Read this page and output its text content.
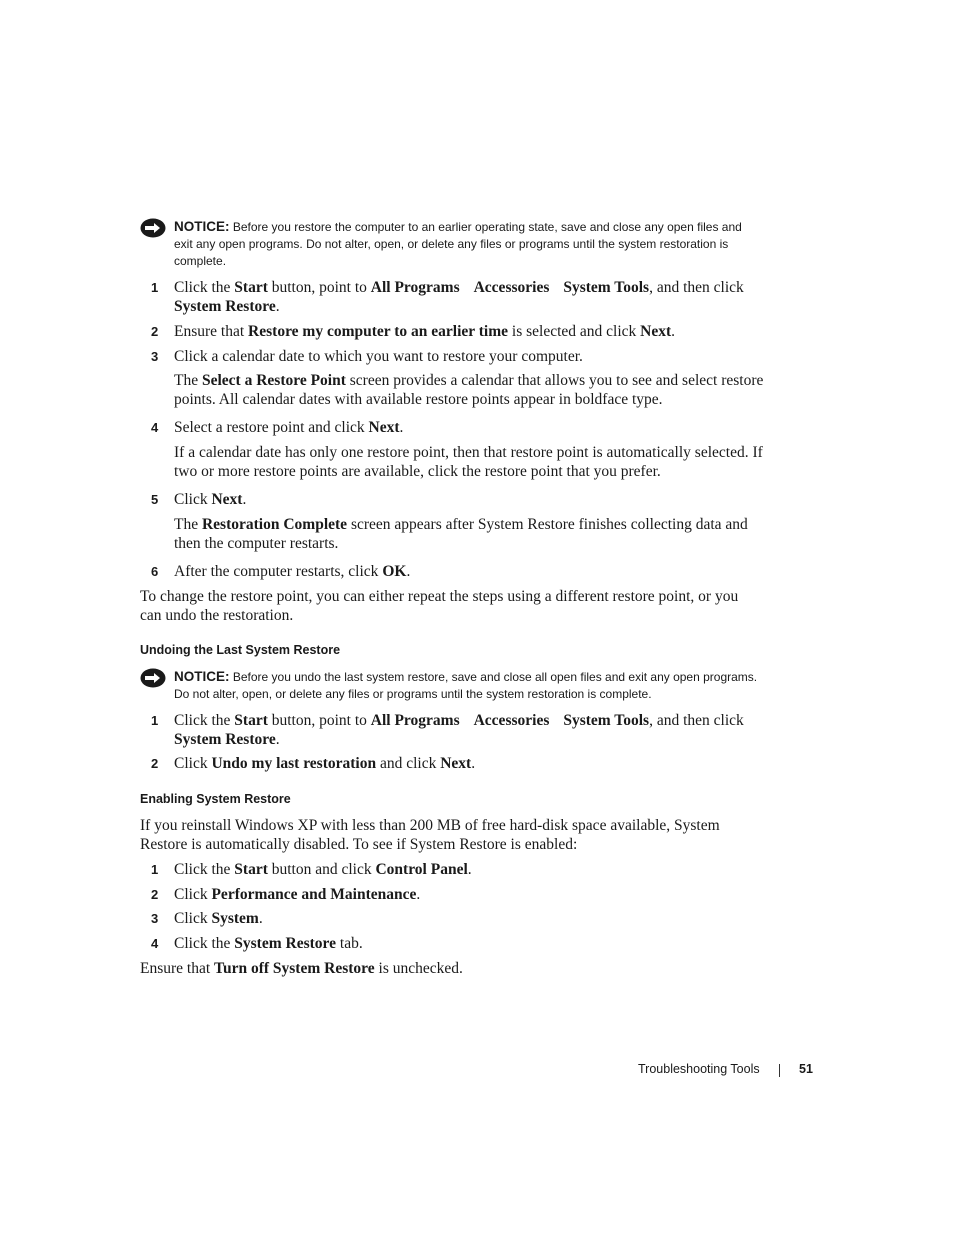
NOTICE: Before you restore the computer to an earlier operating state, save and close any open files and exit any open programs. Do not alter, open, or delete any files or programs until the system restoration is complete.
1 Click the Start button, point to All Programs Accessories System Tools, and then click
System Restore.
2 Ensure that Restore my computer to an earlier time is selected and click Next.
3 Click a calendar date to which you want to restore your computer.
The Select a Restore Point screen provides a calendar that allows you to see and select restore points. All calendar dates with available restore points appear in boldface type.
4 Select a restore point and click Next.
If a calendar date has only one restore point, then that restore point is automatically selected. If two or more restore points are available, click the restore point that you prefer.
5 Click Next.
The Restoration Complete screen appears after System Restore finishes collecting data and then the computer restarts.
6 After the computer restarts, click OK.
To change the restore point, you can either repeat the steps using a different restore point, or you can undo the restoration.
Undoing the Last System Restore
NOTICE: Before you undo the last system restore, save and close all open files and exit any open programs. Do not alter, open, or delete any files or programs until the system restoration is complete.
1 Click the Start button, point to All Programs Accessories System Tools, and then click
System Restore.
2 Click Undo my last restoration and click Next.
Enabling System Restore
If you reinstall Windows XP with less than 200 MB of free hard-disk space available, System Restore is automatically disabled. To see if System Restore is enabled:
1 Click the Start button and click Control Panel.
2 Click Performance and Maintenance.
3 Click System.
4 Click the System Restore tab.
Ensure that Turn off System Restore is unchecked.
Troubleshooting Tools	51
